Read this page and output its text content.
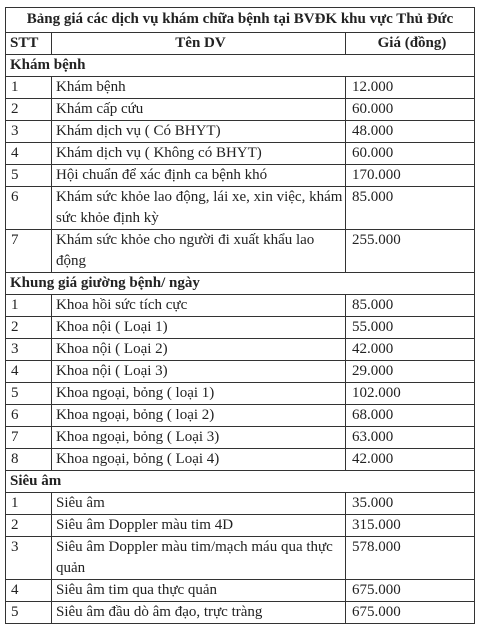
Bảng giá các dịch vụ khám chữa bệnh tại BVĐK khu vực Thủ Đức		
STT	Tên DV	Giá (đồng)
Khám bệnh		
1	Khám bệnh	12.000
2	Khám cấp cứu	60.000
3	Khám dịch vụ ( Có BHYT)	48.000
4	Khám dịch vụ ( Không có BHYT)	60.000
5	Hội chuẩn để xác định ca bệnh khó	170.000
6	Khám sức khỏe lao động, lái xe, xin việc, khám sức khỏe định kỳ	85.000
7	Khám sức khỏe cho người đi xuất khẩu lao động	255.000
Khung giá giường bệnh/ ngày		
1	Khoa hồi sức tích cực	85.000
2	Khoa nội ( Loại 1)	55.000
3	Khoa nội ( Loại 2)	42.000
4	Khoa nội ( Loại 3)	29.000
5	Khoa ngoại, bỏng ( loại 1)	102.000
6	Khoa ngoại, bỏng ( loại 2)	68.000
7	Khoa ngoại, bỏng ( Loại 3)	63.000
8	Khoa ngoại, bỏng ( Loại 4)	42.000
Siêu âm		
1	Siêu âm	35.000
2	Siêu âm Doppler màu tim 4D	315.000
3	Siêu âm Doppler màu tim/mạch máu qua thực quản	578.000
4	Siêu âm tim qua thực quản	675.000
5	Siêu âm đầu dò âm đạo, trực tràng	675.000
